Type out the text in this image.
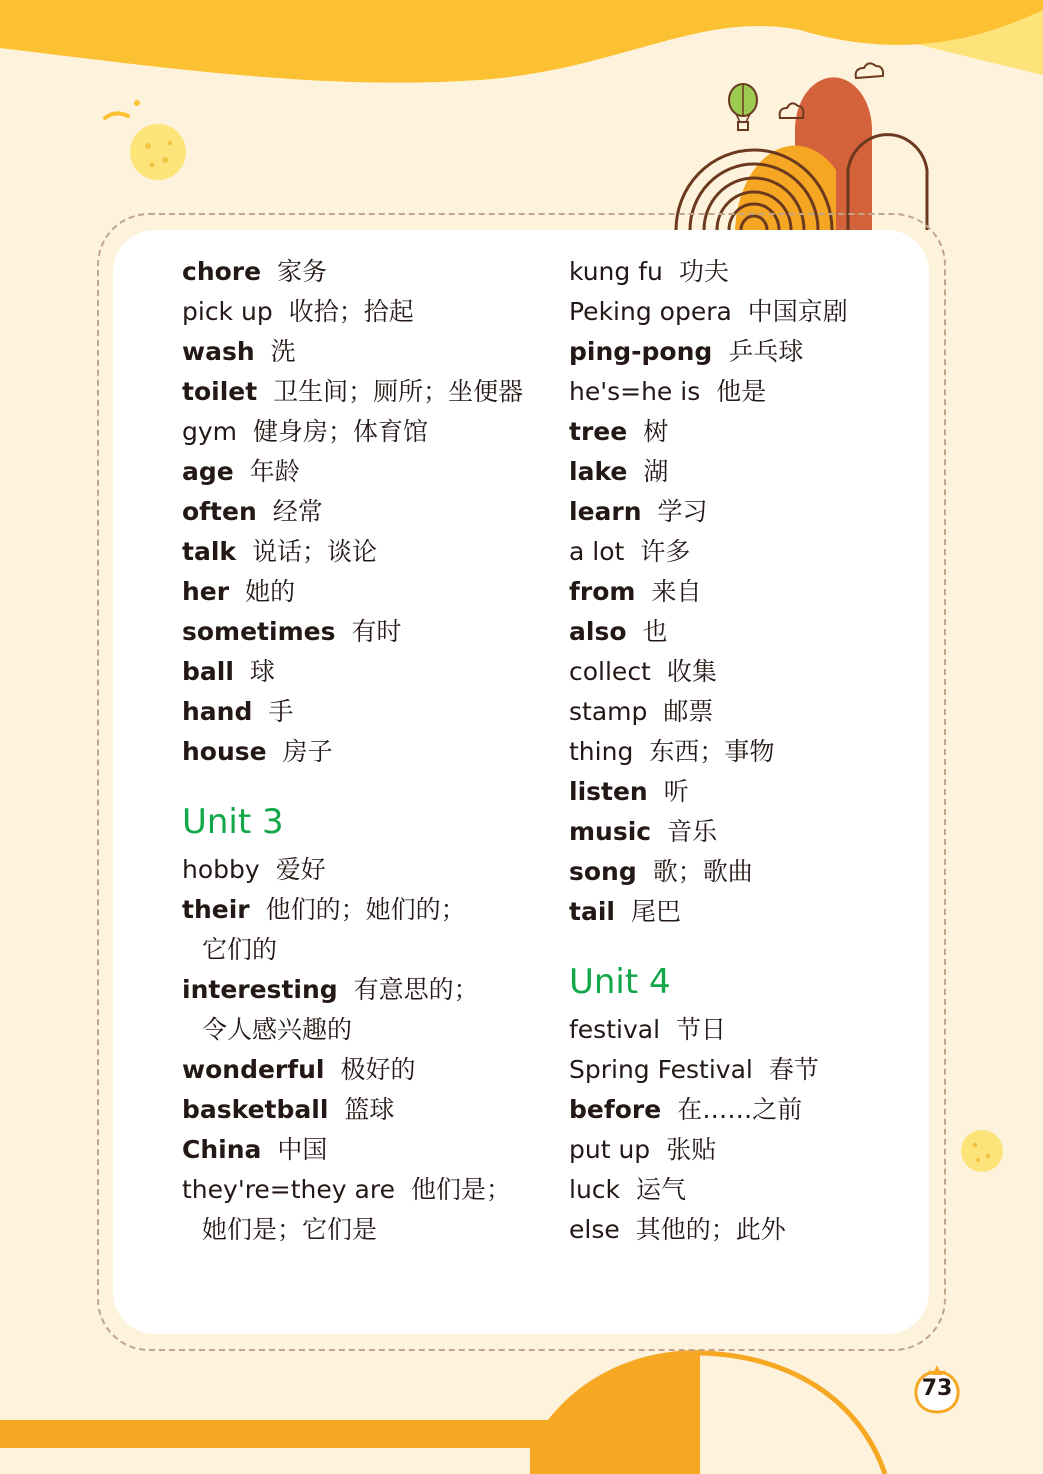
chore 家务
pick up 收拾；拾起
wash 洗
toilet 卫生间；厕所；坐便器
gym 健身房；体育馆
age 年龄
often 经常
talk 说话；谈论
her 她的
sometimes 有时
ball 球
hand 手
house 房子
Unit 3
hobby 爱好
their 他们的；她们的；
它们的
interesting 有意思的；
令人感兴趣的
wonderful 极好的
basketball 篮球
China 中国
they're=they are 他们是；
她们是；它们是
kung fu 功夫
Peking opera 中国京剧
ping-pong 乒乓球
he's=he is 他是
tree 树
lake 湖
learn 学习
a lot 许多
from 来自
also 也
collect 收集
stamp 邮票
thing 东西；事物
listen 听
music 音乐
song 歌；歌曲
tail 尾巴
Unit 4
festival 节日
Spring Festival 春节
before 在……之前
put up 张贴
luck 运气
else 其他的；此外
73
